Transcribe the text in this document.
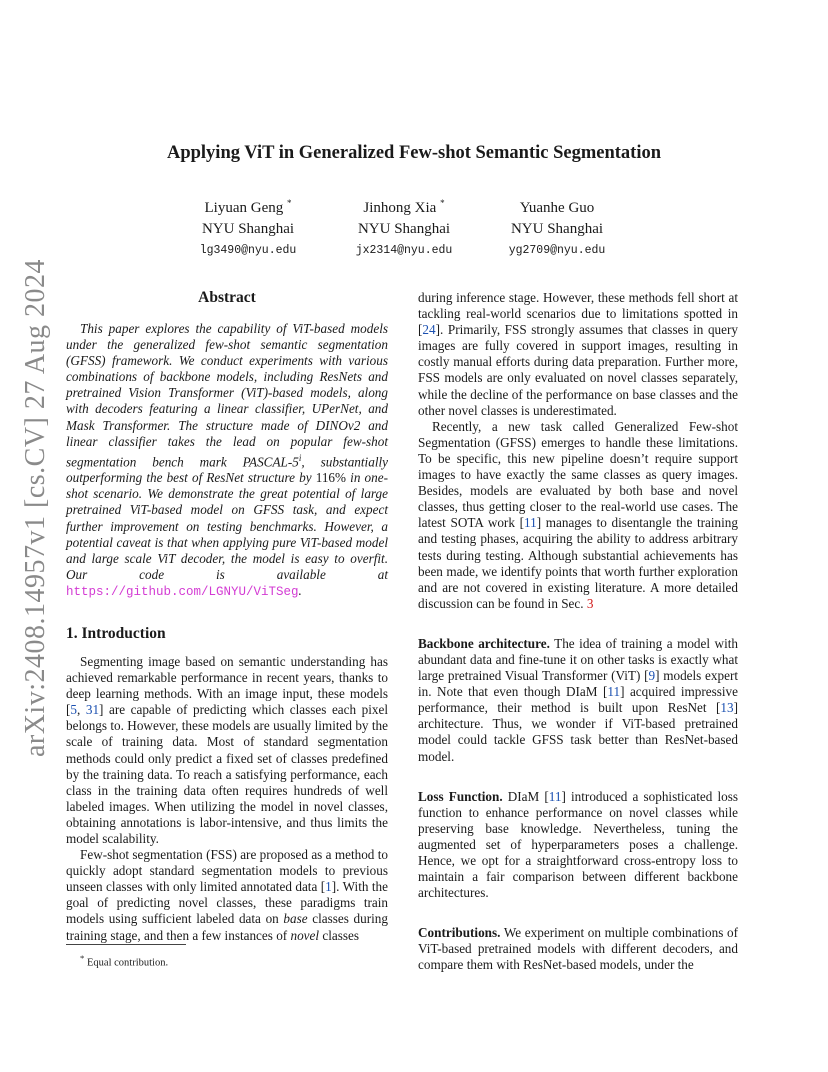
Applying ViT in Generalized Few-shot Semantic Segmentation
Liyuan Geng *
NYU Shanghai
lg3490@nyu.edu
Jinhong Xia *
NYU Shanghai
jx2314@nyu.edu
Yuanhe Guo
NYU Shanghai
yg2709@nyu.edu
arXiv:2408.14957v1 [cs.CV] 27 Aug 2024	Abstract

This paper explores the capability of ViT-based models under the generalized few-shot semantic segmentation (GFSS) framework. We conduct experiments with various combinations of backbone models, including ResNets and pretrained Vision Transformer (ViT)-based models, along with decoders featuring a linear classifier, UPerNet, and Mask Transformer. The structure made of DINOv2 and linear classifier takes the lead on popular few-shot segmentation bench mark PASCAL-5$^i$, substantially outperforming the best of ResNet structure by 116% in one-shot scenario. We demonstrate the great potential of large pretrained ViT-based model on GFSS task, and expect further improvement on testing benchmarks. However, a potential caveat is that when applying pure ViT-based model and large scale ViT decoder, the model is easy to overfit. Our code is available at https://github.com/LGNYU/ViTSeg.

1. Introduction

Segmenting image based on semantic understanding has achieved remarkable performance in recent years, thanks to deep learning methods. With an image input, these models [5, 31] are capable of predicting which classes each pixel belongs to. However, these models are usually limited by the scale of training data. Most of standard segmentation methods could only predict a fixed set of classes predefined by the training data. To reach a satisfying performance, each class in the training data often requires hundreds of well labeled images. When utilizing the model in novel classes, obtaining annotations is labor-intensive, and thus limits the model scalability.

Few-shot segmentation (FSS) are proposed as a method to quickly adopt standard segmentation models to previous unseen classes with only limited annotated data [1]. With the goal of predicting novel classes, these paradigms train models using sufficient labeled data on base classes during training stage, and then a few instances of novel classes

* Equal contribution.

during inference stage. However, these methods fell short at tackling real-world scenarios due to limitations spotted in [24]. Primarily, FSS strongly assumes that classes in query images are fully covered in support images, resulting in costly manual efforts during data preparation. Further more, FSS models are only evaluated on novel classes separately, while the decline of the performance on base classes and the other novel classes is underestimated.

Recently, a new task called Generalized Few-shot Segmentation (GFSS) emerges to handle these limitations. To be specific, this new pipeline doesn’t require support images to have exactly the same classes as query images. Besides, models are evaluated by both base and novel classes, thus getting closer to the real-world use cases. The latest SOTA work [11] manages to disentangle the training and testing phases, acquiring the ability to address arbitrary tests during testing. Although substantial achievements has been made, we identify points that worth further exploration and are not covered in existing literature. A more detailed discussion can be found in Sec. 3

Backbone architecture. The idea of training a model with abundant data and fine-tune it on other tasks is exactly what large pretrained Visual Transformer (ViT) [9] models expert in. Note that even though DIaM [11] acquired impressive performance, their method is built upon ResNet [13] architecture. Thus, we wonder if ViT-based pretrained model could tackle GFSS task better than ResNet-based model.

Loss Function. DIaM [11] introduced a sophisticated loss function to enhance performance on novel classes while preserving base knowledge. Nevertheless, tuning the augmented set of hyperparameters poses a challenge. Hence, we opt for a straightforward cross-entropy loss to maintain a fair comparison between different backbone architectures.

Contributions. We experiment on multiple combinations of ViT-based pretrained models with different decoders, and compare them with ResNet-based models, under the
